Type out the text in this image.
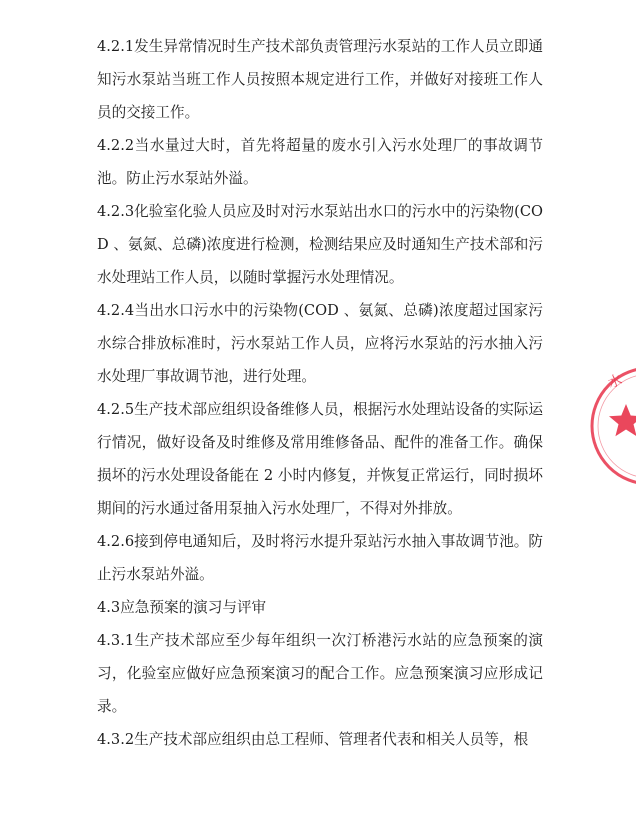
4.2.1发生异常情况时生产技术部负责管理污水泵站的工作人员立即通知污水泵站当班工作人员按照本规定进行工作，并做好对接班工作人员的交接工作。

4.2.2当水量过大时，首先将超量的废水引入污水处理厂的事故调节池。防止污水泵站外溢。

4.2.3化验室化验人员应及时对污水泵站出水口的污水中的污染物(COD 、氨氮、总磷)浓度进行检测，检测结果应及时通知生产技术部和污水处理站工作人员，以随时掌握污水处理情况。

4.2.4当出水口污水中的污染物(COD 、氨氮、总磷)浓度超过国家污水综合排放标准时，污水泵站工作人员，应将污水泵站的污水抽入污水处理厂事故调节池，进行处理。

4.2.5生产技术部应组织设备维修人员，根据污水处理站设备的实际运行情况，做好设备及时维修及常用维修备品、配件的准备工作。确保损坏的污水处理设备能在 2 小时内修复，并恢复正常运行，同时损坏期间的污水通过备用泵抽入污水处理厂，不得对外排放。

4.2.6接到停电通知后，及时将污水提升泵站污水抽入事故调节池。防止污水泵站外溢。

4.3应急预案的演习与评审

4.3.1生产技术部应至少每年组织一次汀桥港污水站的应急预案的演习，化验室应做好应急预案演习的配合工作。应急预案演习应形成记录。

4.3.2生产技术部应组织由总工程师、管理者代表和相关人员等，根

水
